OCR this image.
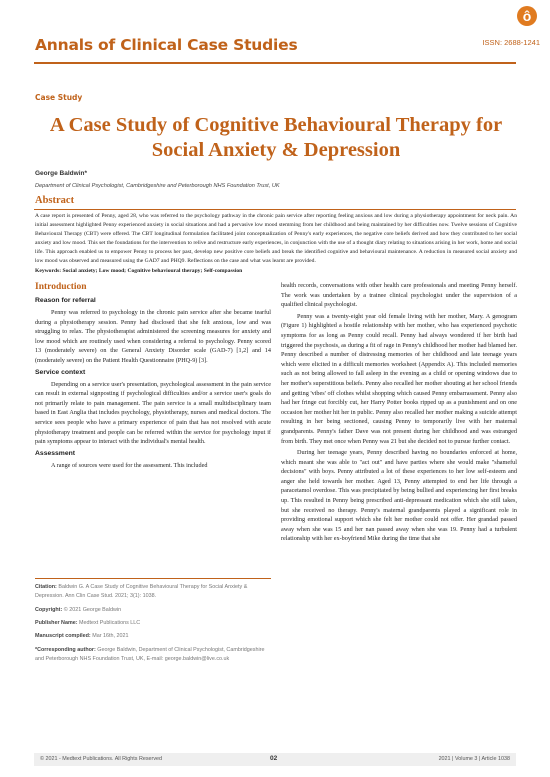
Annals of Clinical Case Studies
ô
ISSN: 2688-1241
Case Study
A Case Study of Cognitive Behavioural Therapy for Social Anxiety & Depression
George Baldwin*
Department of Clinical Psychologist, Cambridgeshire and Peterborough NHS Foundation Trust, UK
Abstract
A case report is presented of Penny, aged 28, who was referred to the psychology pathway in the chronic pain service after reporting feeling anxious and low during a physiotherapy appointment for neck pain. An initial assessment highlighted Penny experienced anxiety in social situations and had a pervasive low mood stemming from her childhood and being maintained by her difficulties now. Twelve sessions of Cognitive Behavioural Therapy (CBT) were offered. The CBT longitudinal formulation facilitated joint conceptualization of Penny's early experiences, the negative core beliefs derived and how they contributed to her social anxiety and low mood. This set the foundations for the intervention to relive and restructure early experiences, in conjunction with the use of a thought diary relating to situations arising in her work, home and social life. This approach enabled us to empower Penny to process her past, develop new positive core beliefs and break the identified cognitive and behavioural maintenance. A reduction in measured social anxiety and low mood was observed and measured using the GAD7 and PHQ9. Reflections on the case and what was learnt are provided.
Keywords: Social anxiety; Low mood; Cognitive behavioural therapy; Self-compassion
Introduction
Reason for referral

Penny was referred to psychology in the chronic pain service after she became tearful during a physiotherapy session. Penny had disclosed that she felt anxious, low and was struggling to relax. The physiotherapist administered the screening measures for anxiety and low mood which are routinely used when considering a referral to psychology. Penny scored 13 (moderately severe) on the General Anxiety Disorder scale (GAD-7) [1,2] and 14 (moderately severe) on the Patient Health Questionnaire (PHQ-9) [3].

Service context

Depending on a service user's presentation, psychological assessment in the pain service can result in external signposting if psychological difficulties and/or a service user's goals do not primarily relate to pain management. The pain service is a small multidisciplinary team based in East Anglia that includes psychology, physiotherapy, nurses and medical doctors. The service sees people who have a primary experience of pain that has not resolved with acute physiotherapy treatment and people can be referred within the service for psychology input if pain symptoms appear to interact with the individual's mental health.

Assessment

A range of sources were used for the assessment. This included

Citation: Baldwin G. A Case Study of Cognitive Behavioural Therapy for Social Anxiety & Depression. Ann Clin Case Stud. 2021; 3(1): 1038.
Copyright: © 2021 George Baldwin
Publisher Name: Medtext Publications LLC
Manuscript compiled: Mar 16th, 2021
*Corresponding author: George Baldwin, Department of Clinical Psychologist, Cambridgeshire and Peterborough NHS Foundation Trust, UK, E-mail: george.baldwin@live.co.uk

health records, conversations with other health care professionals and meeting Penny herself. The work was undertaken by a trainee clinical psychologist under the supervision of a qualified clinical psychologist.

Penny was a twenty-eight year old female living with her mother, Mary. A genogram (Figure 1) highlighted a hostile relationship with her mother, who has experienced psychotic symptoms for as long as Penny could recall. Penny had always wondered if her birth had triggered the psychosis, as during a fit of rage in Penny's childhood her mother had blamed her. Penny described a number of distressing memories of her childhood and late teenage years which were elicited in a difficult memories worksheet (Appendix A). This included memories such as not being allowed to fall asleep in the evening as a child or opening windows due to her mother's superstitious beliefs. Penny also recalled her mother shouting at her school friends and getting 'vibes' off clothes whilst shopping which caused Penny embarrassment. Penny also had her fringe cut forcibly cut, her Harry Potter books ripped up as a punishment and on one occasion her mother hit her in public. Penny also recalled her mother making a suicide attempt resulting in her being sectioned, causing Penny to temporarily live with her maternal grandparents. Penny's father Dave was not present during her childhood and was estranged from birth. They met once when Penny was 21 but she decided not to pursue further contact.

During her teenage years, Penny described having no boundaries enforced at home, which meant she was able to "act out" and have parties where she would make "shameful decisions" with boys. Penny attributed a lot of these experiences to her low self-esteem and anger she held towards her mother. Aged 13, Penny attempted to end her life through a paracetamol overdose. This was precipitated by being bullied and experiencing her first breaks up. This resulted in Penny being prescribed anti-depressant medication which she still takes, but she received no therapy. Penny's maternal grandparents played a significant role in providing emotional support which she felt her mother could not offer. Her grandad passed away when she was 15 and her nan passed away when she was 19. Penny had a turbulent relationship with her ex-boyfriend Mike during the time that she

© 2021 - Medtext Publications. All Rights Reserved	02	2021 | Volume 3 | Article 1038
